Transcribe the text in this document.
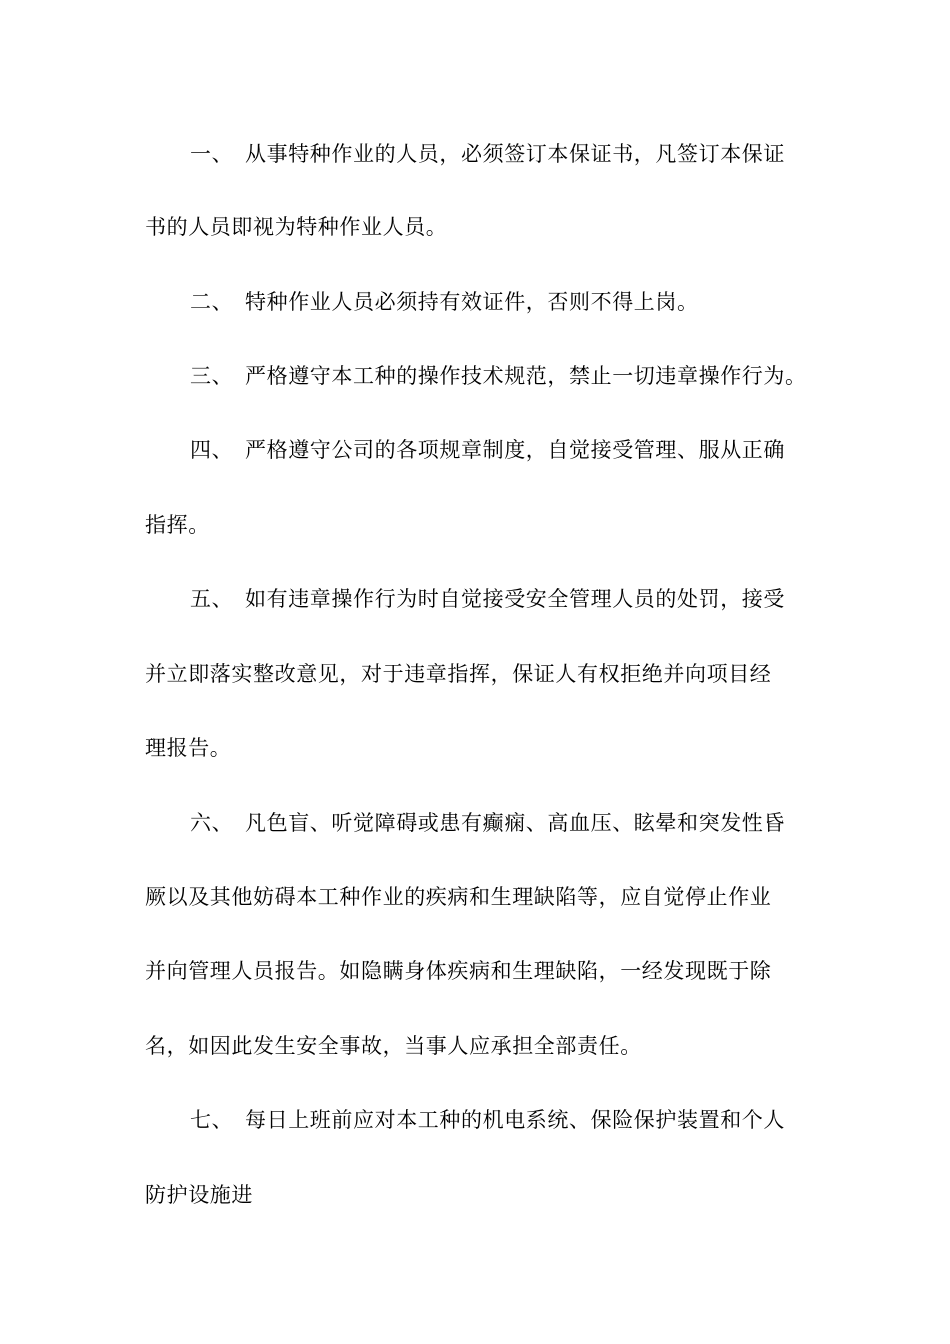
一、 从事特种作业的人员，必须签订本保证书，凡签订本保证
书的人员即视为特种作业人员。
二、 特种作业人员必须持有效证件，否则不得上岗。
三、 严格遵守本工种的操作技术规范，禁止一切违章操作行为。
四、 严格遵守公司的各项规章制度，自觉接受管理、服从正确
指挥。
五、 如有违章操作行为时自觉接受安全管理人员的处罚，接受
并立即落实整改意见，对于违章指挥，保证人有权拒绝并向项目经
理报告。
六、 凡色盲、听觉障碍或患有癫痫、高血压、眩晕和突发性昏
厥以及其他妨碍本工种作业的疾病和生理缺陷等，应自觉停止作业
并向管理人员报告。如隐瞒身体疾病和生理缺陷，一经发现既于除
名，如因此发生安全事故，当事人应承担全部责任。
七、 每日上班前应对本工种的机电系统、保险保护装置和个人
防护设施进
